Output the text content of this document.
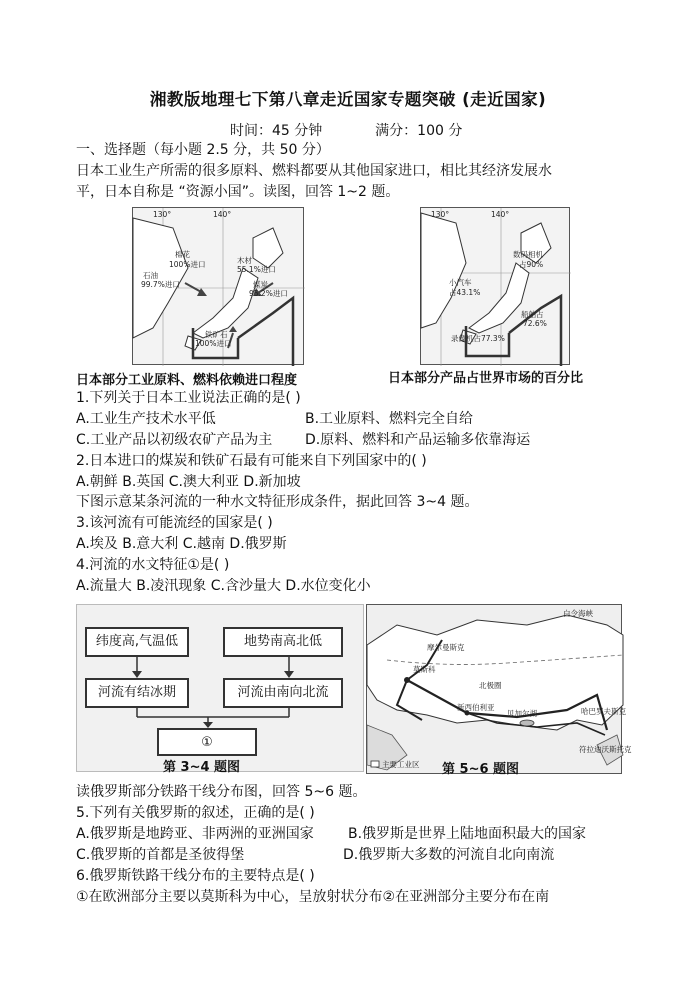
湘教版地理七下第八章走近国家专题突破 (走近国家)
时间：45 分钟	满分：100 分
一、选择题（每小题 2.5 分，共 50 分）
日本工业生产所需的很多原料、燃料都要从其他国家进口，相比其经济发展水
平，日本自称是 “资源小国”。读图，回答 1~2 题。
130°	140°
棉花
100%进口	木材
55.1%进口
石油
99.7%进口	煤炭
95.2%进口
铁矿石
100%进口
130°	140°
数码相机
占90%
小汽车
占43.1%
船舶占
72.6%
录像机占77.3%
日本部分工业原料、燃料依赖进口程度	日本部分产品占世界市场的百分比
1.下列关于日本工业说法正确的是( )
A.工业生产技术水平低	B.工业原料、燃料完全自给
C.工业产品以初级农矿产品为主 D.原料、燃料和产品运输多依靠海运
2.日本进口的煤炭和铁矿石最有可能来自下列国家中的( )
A.朝鲜 B.英国 C.澳大利亚 D.新加坡
下图示意某条河流的一种水文特征形成条件，据此回答 3~4 题。
3.该河流有可能流经的国家是( )
A.埃及 B.意大利 C.越南 D.俄罗斯
4.河流的水文特征①是( )
A.流量大 B.凌汛现象 C.含沙量大 D.水位变化小
纬度高,气温低	地势南高北低
河流有结冰期	河流由南向北流
①
第 3~4 题图
摩尔曼斯克
莫斯科
北极圈
新西伯利亚
贝加尔湖
白令海峡
哈巴罗夫斯克
符拉迪沃斯托克
主要工业区 第 5~6 题图
读俄罗斯部分铁路干线分布图，回答 5~6 题。
5.下列有关俄罗斯的叙述，正确的是( )
A.俄罗斯是地跨亚、非两洲的亚洲国家 B.俄罗斯是世界上陆地面积最大的国家
C.俄罗斯的首都是圣彼得堡	D.俄罗斯大多数的河流自北向南流
6.俄罗斯铁路干线分布的主要特点是( )
①在欧洲部分主要以莫斯科为中心，呈放射状分布②在亚洲部分主要分布在南
